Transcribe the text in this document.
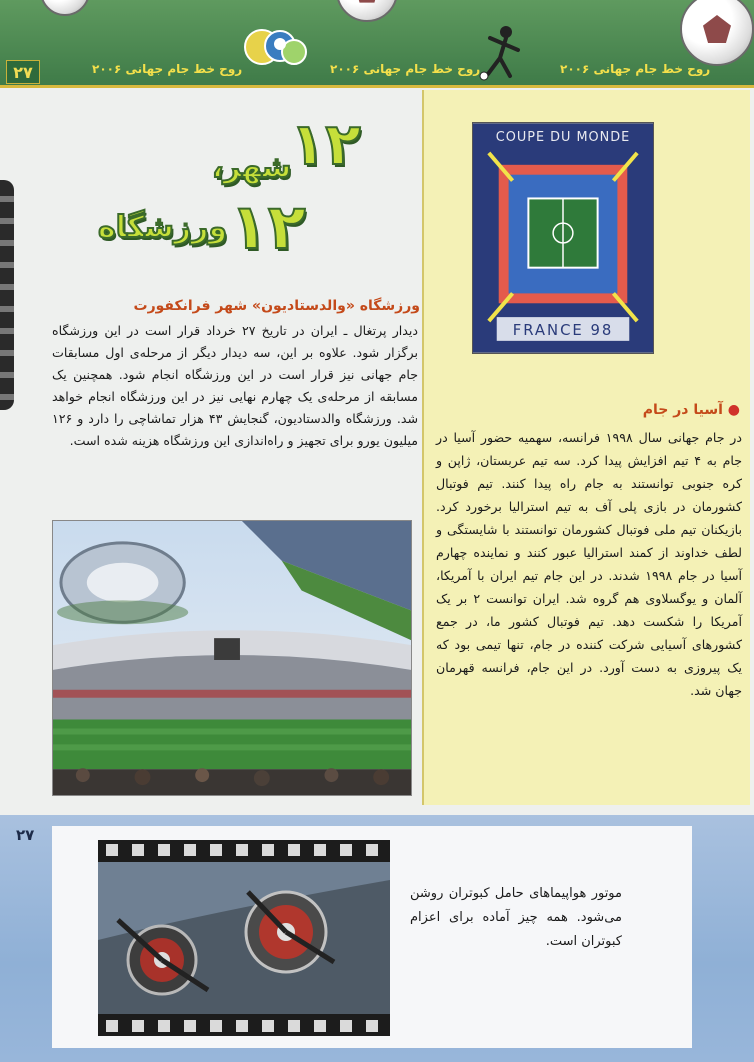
روح خط جام جهانی ۲۰۰۶	روح خط جام جهانی ۲۰۰۶	روح خط جام جهانی ۲۰۰۶
۲۷
۱۲
شهر،
۱۲
ورزشگاه
ورزشگاه «والدستادیون» شهر فرانکفورت
دیدار پرتغال ـ ایران در تاریخ ۲۷ خرداد قرار است در این ورزشگاه برگزار شود. علاوه بر این، سه دیدار دیگر از مرحله‌ی اول مسابقات جام جهانی نیز قرار است در این ورزشگاه انجام شود. همچنین یک مسابقه از مرحله‌ی یک چهارم نهایی نیز در این ورزشگاه انجام خواهد شد. ورزشگاه والدستادیون، گنجایش ۴۳ هزار تماشاچی را دارد و ۱۲۶ میلیون یورو برای تجهیز و راه‌اندازی این ورزشگاه هزینه شده است.
COUPE DU MONDE
FRANCE 98
● آسیا در جام
در جام جهانی سال ۱۹۹۸ فرانسه، سهمیه حضور آسیا در جام به ۴ تیم افزایش پیدا کرد. سه تیم عربستان، ژاپن و کره جنوبی توانستند به جام راه پیدا کنند. تیم فوتبال کشورمان در بازی پلی آف به تیم استرالیا برخورد کرد. بازیکنان تیم ملی فوتبال کشورمان توانستند با شایستگی و لطف خداوند از کمند استرالیا عبور کنند و نماینده چهارم آسیا در جام ۱۹۹۸ شدند. در این جام تیم ایران با آمریکا، آلمان و یوگسلاوی هم گروه شد. ایران توانست ۲ بر یک آمریکا را شکست دهد. تیم فوتبال کشور ما، در جمع کشورهای آسیایی شرکت کننده در جام، تنها تیمی بود که یک پیروزی به دست آورد. در این جام، فرانسه قهرمان جهان شد.
۲۷
موتور هواپیماهای حامل کبوتران روشن می‌شود. همه چیز آماده برای اعزام کبوتران است.
